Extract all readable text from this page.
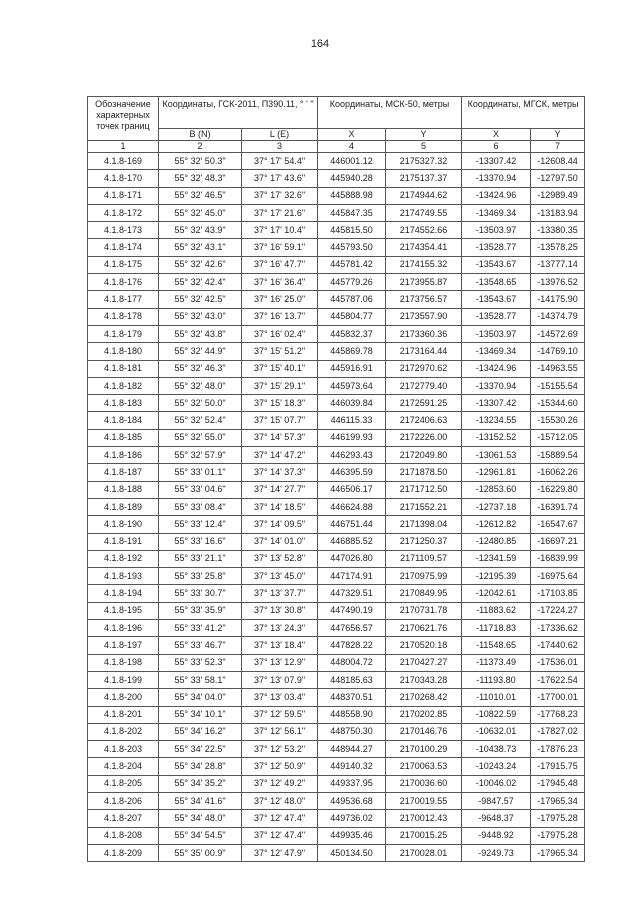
164
Обозначение характерных точек границ	Координаты, ГСК-2011, П390.11, ° ' "		Координаты, МСК-50, метры		Координаты, МГСК, метры	
	B (N)	L (E)	X	Y	X	Y
1	2	3	4	5	6	7
4.1.8-169	55° 32' 50.3"	37° 17' 54.4"	446001.12	2175327.32	-13307.42	-12608.44
4.1.8-170	55° 32' 48.3"	37° 17' 43.6"	445940.28	2175137.37	-13370.94	-12797.50
4.1.8-171	55° 32' 46.5"	37° 17' 32.6"	445888.98	2174944.62	-13424.96	-12989.49
4.1.8-172	55° 32' 45.0"	37° 17' 21.6"	445847.35	2174749.55	-13469.34	-13183.94
4.1.8-173	55° 32' 43.9"	37° 17' 10.4"	445815.50	2174552.66	-13503.97	-13380.35
4.1.8-174	55° 32' 43.1"	37° 16' 59.1"	445793.50	2174354.41	-13528.77	-13578.25
4.1.8-175	55° 32' 42.6"	37° 16' 47.7"	445781.42	2174155.32	-13543.67	-13777.14
4.1.8-176	55° 32' 42.4"	37° 16' 36.4"	445779.26	2173955.87	-13548.65	-13976.52
4.1.8-177	55° 32' 42.5"	37° 16' 25.0"	445787.06	2173756.57	-13543.67	-14175.90
4.1.8-178	55° 32' 43.0"	37° 16' 13.7"	445804.77	2173557.90	-13528.77	-14374.79
4.1.8-179	55° 32' 43.8"	37° 16' 02.4"	445832.37	2173360.36	-13503.97	-14572.69
4.1.8-180	55° 32' 44.9"	37° 15' 51.2"	445869.78	2173164.44	-13469.34	-14769.10
4.1.8-181	55° 32' 46.3"	37° 15' 40.1"	445916.91	2172970.62	-13424.96	-14963.55
4.1.8-182	55° 32' 48.0"	37° 15' 29.1"	445973.64	2172779.40	-13370.94	-15155.54
4.1.8-183	55° 32' 50.0"	37° 15' 18.3"	446039.84	2172591.25	-13307.42	-15344.60
4.1.8-184	55° 32' 52.4"	37° 15' 07.7"	446115.33	2172406.63	-13234.55	-15530.26
4.1.8-185	55° 32' 55.0"	37° 14' 57.3"	446199.93	2172226.00	-13152.52	-15712.05
4.1.8-186	55° 32' 57.9"	37° 14' 47.2"	446293.43	2172049.80	-13061.53	-15889.54
4.1.8-187	55° 33' 01.1"	37° 14' 37.3"	446395.59	2171878.50	-12961.81	-16062.26
4.1.8-188	55° 33' 04.6"	37° 14' 27.7"	446506.17	2171712.50	-12853.60	-16229.80
4.1.8-189	55° 33' 08.4"	37° 14' 18.5"	446624.88	2171552.21	-12737.18	-16391.74
4.1.8-190	55° 33' 12.4"	37° 14' 09.5"	446751.44	2171398.04	-12612.82	-16547.67
4.1.8-191	55° 33' 16.6"	37° 14' 01.0"	446885.52	2171250.37	-12480.85	-16697.21
4.1.8-192	55° 33' 21.1"	37° 13' 52.8"	447026.80	2171109.57	-12341.59	-16839.99
4.1.8-193	55° 33' 25.8"	37° 13' 45.0"	447174.91	2170975.99	-12195.39	-16975.64
4.1.8-194	55° 33' 30.7"	37° 13' 37.7"	447329.51	2170849.95	-12042.61	-17103.85
4.1.8-195	55° 33' 35.9"	37° 13' 30.8"	447490.19	2170731.78	-11883.62	-17224.27
4.1.8-196	55° 33' 41.2"	37° 13' 24.3"	447656.57	2170621.76	-11718.83	-17336.62
4.1.8-197	55° 33' 46.7"	37° 13' 18.4"	447828.22	2170520.18	-11548.65	-17440.62
4.1.8-198	55° 33' 52.3"	37° 13' 12.9"	448004.72	2170427.27	-11373.49	-17536.01
4.1.8-199	55° 33' 58.1"	37° 13' 07.9"	448185.63	2170343.28	-11193.80	-17622.54
4.1.8-200	55° 34' 04.0"	37° 13' 03.4"	448370.51	2170268.42	-11010.01	-17700.01
4.1.8-201	55° 34' 10.1"	37° 12' 59.5"	448558.90	2170202.85	-10822.59	-17768.23
4.1.8-202	55° 34' 16.2"	37° 12' 56.1"	448750.30	2170146.76	-10632.01	-17827.02
4.1.8-203	55° 34' 22.5"	37° 12' 53.2"	448944.27	2170100.29	-10438.73	-17876.23
4.1.8-204	55° 34' 28.8"	37° 12' 50.9"	449140.32	2170063.53	-10243.24	-17915.75
4.1.8-205	55° 34' 35.2"	37° 12' 49.2"	449337.95	2170036.60	-10046.02	-17945.48
4.1.8-206	55° 34' 41.6"	37° 12' 48.0"	449536.68	2170019.55	-9847.57	-17965.34
4.1.8-207	55° 34' 48.0"	37° 12' 47.4"	449736.02	2170012.43	-9648.37	-17975.28
4.1.8-208	55° 34' 54.5"	37° 12' 47.4"	449935.46	2170015.25	-9448.92	-17975.28
4.1.8-209	55° 35' 00.9"	37° 12' 47.9"	450134.50	2170028.01	-9249.73	-17965.34
